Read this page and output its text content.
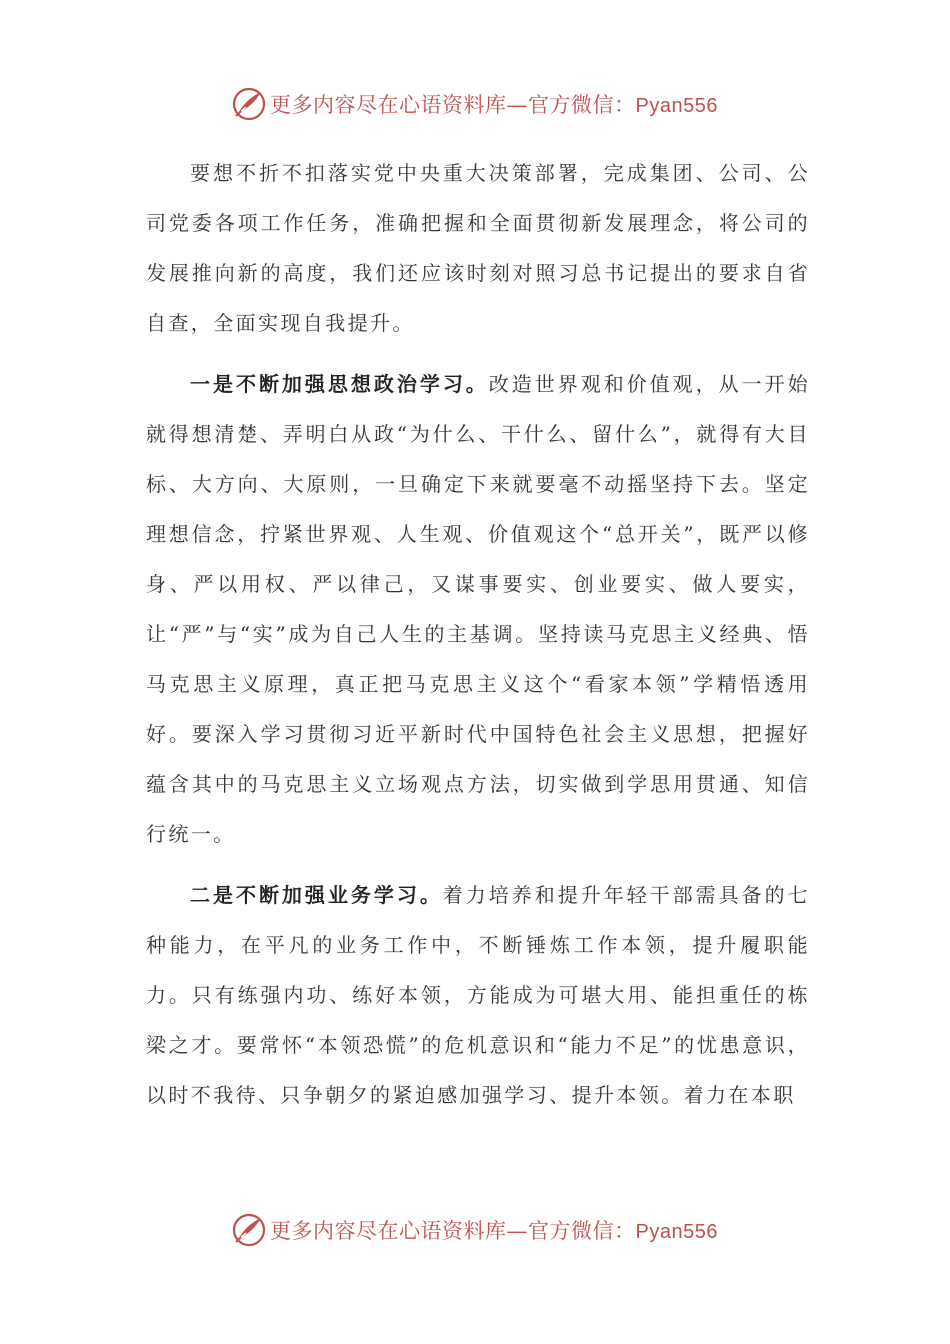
更多内容尽在心语资料库—官方微信：Pyan556

要想不折不扣落实党中央重大决策部署，完成集团、公司、公司党委各项工作任务，准确把握和全面贯彻新发展理念，将公司的发展推向新的高度，我们还应该时刻对照习总书记提出的要求自省自查，全面实现自我提升。

一是不断加强思想政治学习。改造世界观和价值观，从一开始就得想清楚、弄明白从政“为什么、干什么、留什么”，就得有大目标、大方向、大原则，一旦确定下来就要毫不动摇坚持下去。坚定理想信念，拧紧世界观、人生观、价值观这个“总开关”，既严以修身、严以用权、严以律己，又谋事要实、创业要实、做人要实，让“严”与“实”成为自己人生的主基调。坚持读马克思主义经典、悟马克思主义原理，真正把马克思主义这个“看家本领”学精悟透用好。要深入学习贯彻习近平新时代中国特色社会主义思想，把握好蕴含其中的马克思主义立场观点方法，切实做到学思用贯通、知信行统一。

二是不断加强业务学习。着力培养和提升年轻干部需具备的七种能力，在平凡的业务工作中，不断锤炼工作本领，提升履职能力。只有练强内功、练好本领，方能成为可堪大用、能担重任的栋梁之才。要常怀“本领恐慌”的危机意识和“能力不足”的忧患意识，以时不我待、只争朝夕的紧迫感加强学习、提升本领。着力在本职

更多内容尽在心语资料库—官方微信：Pyan556
